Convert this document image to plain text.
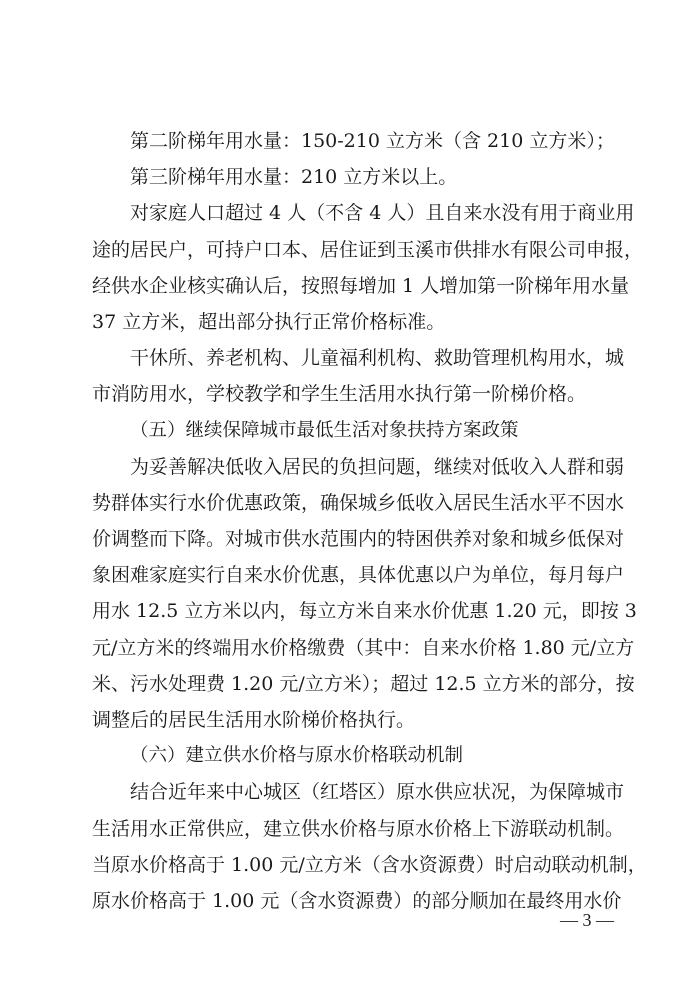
第二阶梯年用水量：150-210 立方米（含 210 立方米）；
第三阶梯年用水量：210 立方米以上。
对家庭人口超过 4 人（不含 4 人）且自来水没有用于商业用
途的居民户，可持户口本、居住证到玉溪市供排水有限公司申报，
经供水企业核实确认后，按照每增加 1 人增加第一阶梯年用水量
37 立方米，超出部分执行正常价格标准。
干休所、养老机构、儿童福利机构、救助管理机构用水，城
市消防用水，学校教学和学生生活用水执行第一阶梯价格。
（五）继续保障城市最低生活对象扶持方案政策
为妥善解决低收入居民的负担问题，继续对低收入人群和弱
势群体实行水价优惠政策，确保城乡低收入居民生活水平不因水
价调整而下降。对城市供水范围内的特困供养对象和城乡低保对
象困难家庭实行自来水价优惠，具体优惠以户为单位，每月每户
用水 12.5 立方米以内，每立方米自来水价优惠 1.20 元，即按 3
元/立方米的终端用水价格缴费（其中：自来水价格 1.80 元/立方
米、污水处理费 1.20 元/立方米）；超过 12.5 立方米的部分，按
调整后的居民生活用水阶梯价格执行。
（六）建立供水价格与原水价格联动机制
结合近年来中心城区（红塔区）原水供应状况，为保障城市
生活用水正常供应，建立供水价格与原水价格上下游联动机制。
当原水价格高于 1.00 元/立方米（含水资源费）时启动联动机制，
原水价格高于 1.00 元（含水资源费）的部分顺加在最终用水价
— 3 —
